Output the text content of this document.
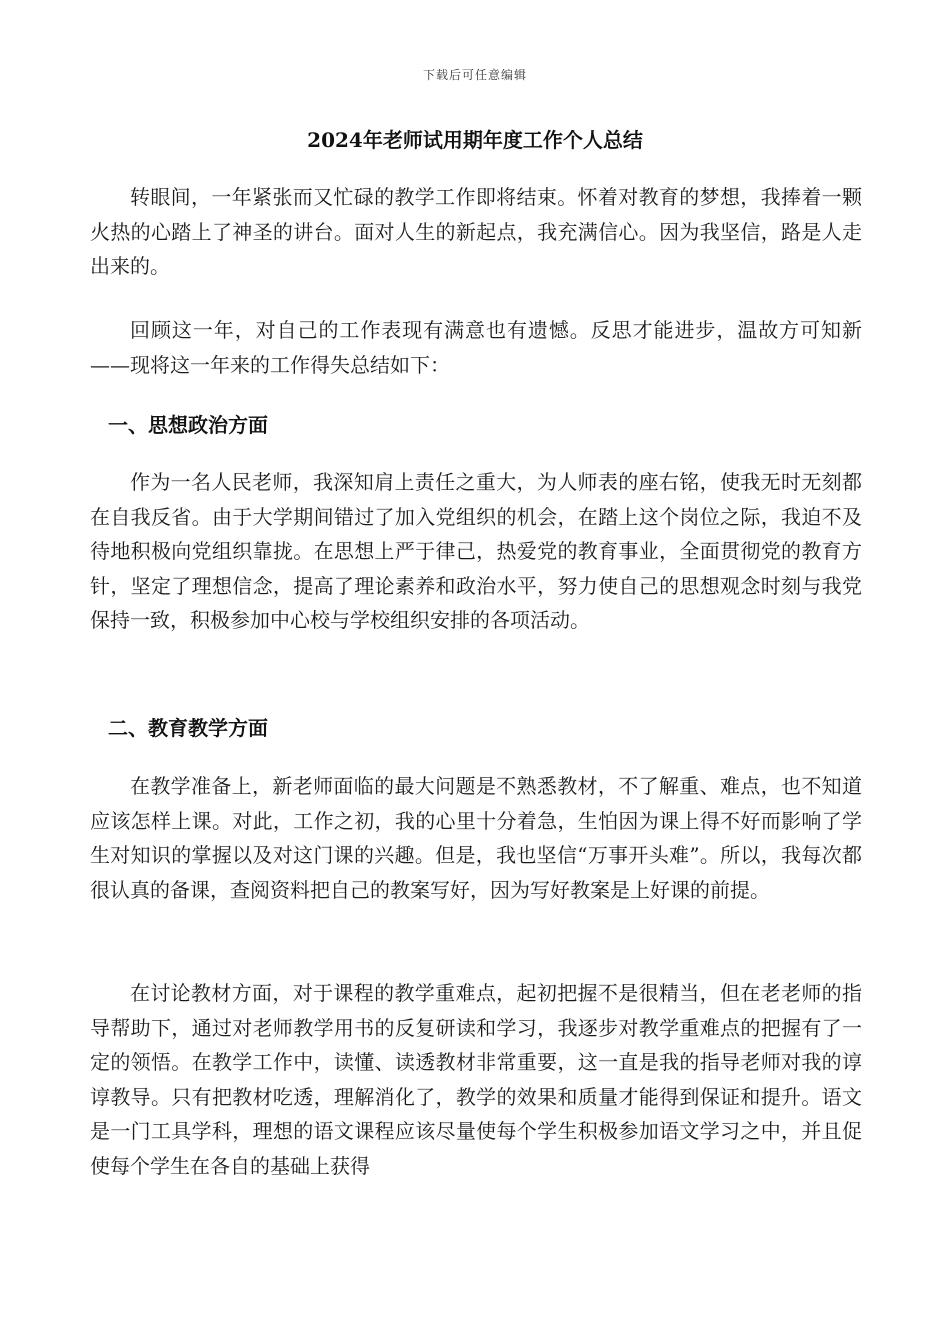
下载后可任意编辑
2024年老师试用期年度工作个人总结

转眼间，一年紧张而又忙碌的教学工作即将结束。怀着对教育的梦想，我捧着一颗火热的心踏上了神圣的讲台。面对人生的新起点，我充满信心。因为我坚信，路是人走出来的。

回顾这一年，对自己的工作表现有满意也有遗憾。反思才能进步，温故方可知新——现将这一年来的工作得失总结如下：

一、思想政治方面

作为一名人民老师，我深知肩上责任之重大，为人师表的座右铭，使我无时无刻都在自我反省。由于大学期间错过了加入党组织的机会，在踏上这个岗位之际，我迫不及待地积极向党组织靠拢。在思想上严于律己，热爱党的教育事业，全面贯彻党的教育方针，坚定了理想信念，提高了理论素养和政治水平，努力使自己的思想观念时刻与我党保持一致，积极参加中心校与学校组织安排的各项活动。

二、教育教学方面

在教学准备上，新老师面临的最大问题是不熟悉教材，不了解重、难点，也不知道应该怎样上课。对此，工作之初，我的心里十分着急，生怕因为课上得不好而影响了学生对知识的掌握以及对这门课的兴趣。但是，我也坚信“万事开头难”。所以，我每次都很认真的备课，查阅资料把自己的教案写好，因为写好教案是上好课的前提。

在讨论教材方面，对于课程的教学重难点，起初把握不是很精当，但在老老师的指导帮助下，通过对老师教学用书的反复研读和学习，我逐步对教学重难点的把握有了一定的领悟。在教学工作中，读懂、读透教材非常重要，这一直是我的指导老师对我的谆谆教导。只有把教材吃透，理解消化了，教学的效果和质量才能得到保证和提升。语文是一门工具学科，理想的语文课程应该尽量使每个学生积极参加语文学习之中，并且促使每个学生在各自的基础上获得
